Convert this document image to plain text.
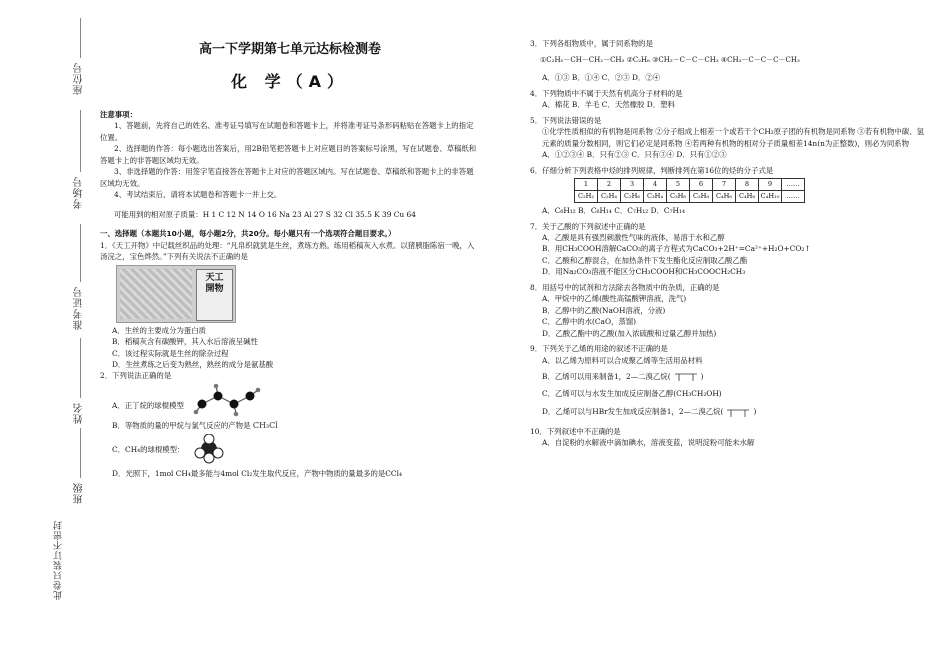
座位号
考场号
准考证号
姓名
班级
此卷只装订不密封

高一下学期第七单元达标检测卷

化 学（A）

注意事项：

1、答题前，先将自己的姓名、准考证号填写在试题卷和答题卡上，并将准考证号条形码粘贴在答题卡上的指定位置。

2、选择题的作答：每小题选出答案后，用2B铅笔把答题卡上对应题目的答案标号涂黑，写在试题卷、草稿纸和答题卡上的非答题区域均无效。

3、非选择题的作答：用签字笔直接答在答题卡上对应的答题区域内。写在试题卷、草稿纸和答题卡上的非答题区域均无效。

4、考试结束后，请将本试题卷和答题卡一并上交。

可能用到的相对原子质量：H 1 C 12 N 14 O 16 Na 23 Al 27 S 32 Cl 35.5 K 39 Cu 64

一、选择题（本题共10小题，每小题2分，共20分。每小题只有一个选项符合题目要求。）

1．《天工开物》中记载丝织品的处理：“凡帛织就犹是生丝，煮练方熟。练用稻稿灰入水煮。以猪胰脂陈宿一晚，入汤浣之，宝色烨然。”下列有关说法不正确的是

天工開物

A．生丝的主要成分为蛋白质

B．稻稿灰含有碳酸钾，其入水后溶液呈碱性

C．该过程实际就是生丝的除杂过程

D．生丝煮练之后变为熟丝，熟丝的成分是氨基酸

2．下列说法正确的是

A．正丁烷的球棍模型

B．等物质的量的甲烷与氯气反应的产物是 CH₃Cl

C．CH₄的球棍模型：

D．光照下，1mol CH₄最多能与4mol Cl₂发生取代反应，产物中物质的量最多的是CCl₄

3．下列各组物质中，属于同系物的是

①C₂H₅－CH－CH₂－CH₃ ②C₂H₆ ③CH₃－C－C－CH₃ ④CH₃－C－C－C－CH₃

A．①③ B．①④ C．②③ D．②④

4．下列物质中不属于天然有机高分子材料的是

A．棉花 B．羊毛 C．天然橡胶 D．塑料

5．下列说法错误的是

①化学性质相似的有机物是同系物 ②分子组成上相差一个或若干个CH₂原子团的有机物是同系物 ③若有机物中碳、氢元素的质量分数相同，则它们必定是同系物 ④若两种有机物的相对分子质量相差14n(n为正整数)，则必为同系物

A．①②③④ B．只有②③ C．只有③④ D．只有①②③

6．仔细分析下列表格中烃的排列规律，判断排列在第16位的烃的分子式是

1	2	3	4	5	6	7	8	9	……
C₂H₂	C₂H₄	C₂H₆	C₃H₄	C₃H₆	C₃H₈	C₄H₆	C₄H₈	C₄H₁₀	……

A．C₆H₁₂ B．C₆H₁₄ C．C₇H₁₂ D．C₇H₁₄

7．关于乙酸的下列叙述中正确的是

A．乙酸是具有强烈刺激性气味的液体，易溶于水和乙醇

B．用CH₃COOH溶解CaCO₃的离子方程式为CaCO₃+2H⁺=Ca²⁺+H₂O+CO₂↑

C．乙酸和乙醇混合，在加热条件下发生酯化反应制取乙酸乙酯

D．用Na₂CO₃溶液不能区分CH₃COOH和CH₃COOCH₂CH₃

8．用括号中的试剂和方法除去各物质中的杂质，正确的是

A．甲烷中的乙烯(酸性高锰酸钾溶液，洗气)

B．乙醇中的乙酸(NaOH溶液，分液)

C．乙醇中的水(CaO，蒸馏)

D．乙酸乙酯中的乙酸(加入浓硫酸和过量乙醇并加热)

9．下列关于乙烯的用途的叙述不正确的是

A．以乙烯为原料可以合成聚乙烯等生活用品材料

B．乙烯可以用来制备1，2—二溴乙烷(	)

C．乙烯可以与水发生加成反应制备乙醇(CH₃CH₂OH)

D．乙烯可以与HBr发生加成反应制备1，2—二溴乙烷(	)

10．下列叙述中不正确的是

A．自淀粉的水解液中滴加碘水，溶液变蓝，说明淀粉可能未水解
